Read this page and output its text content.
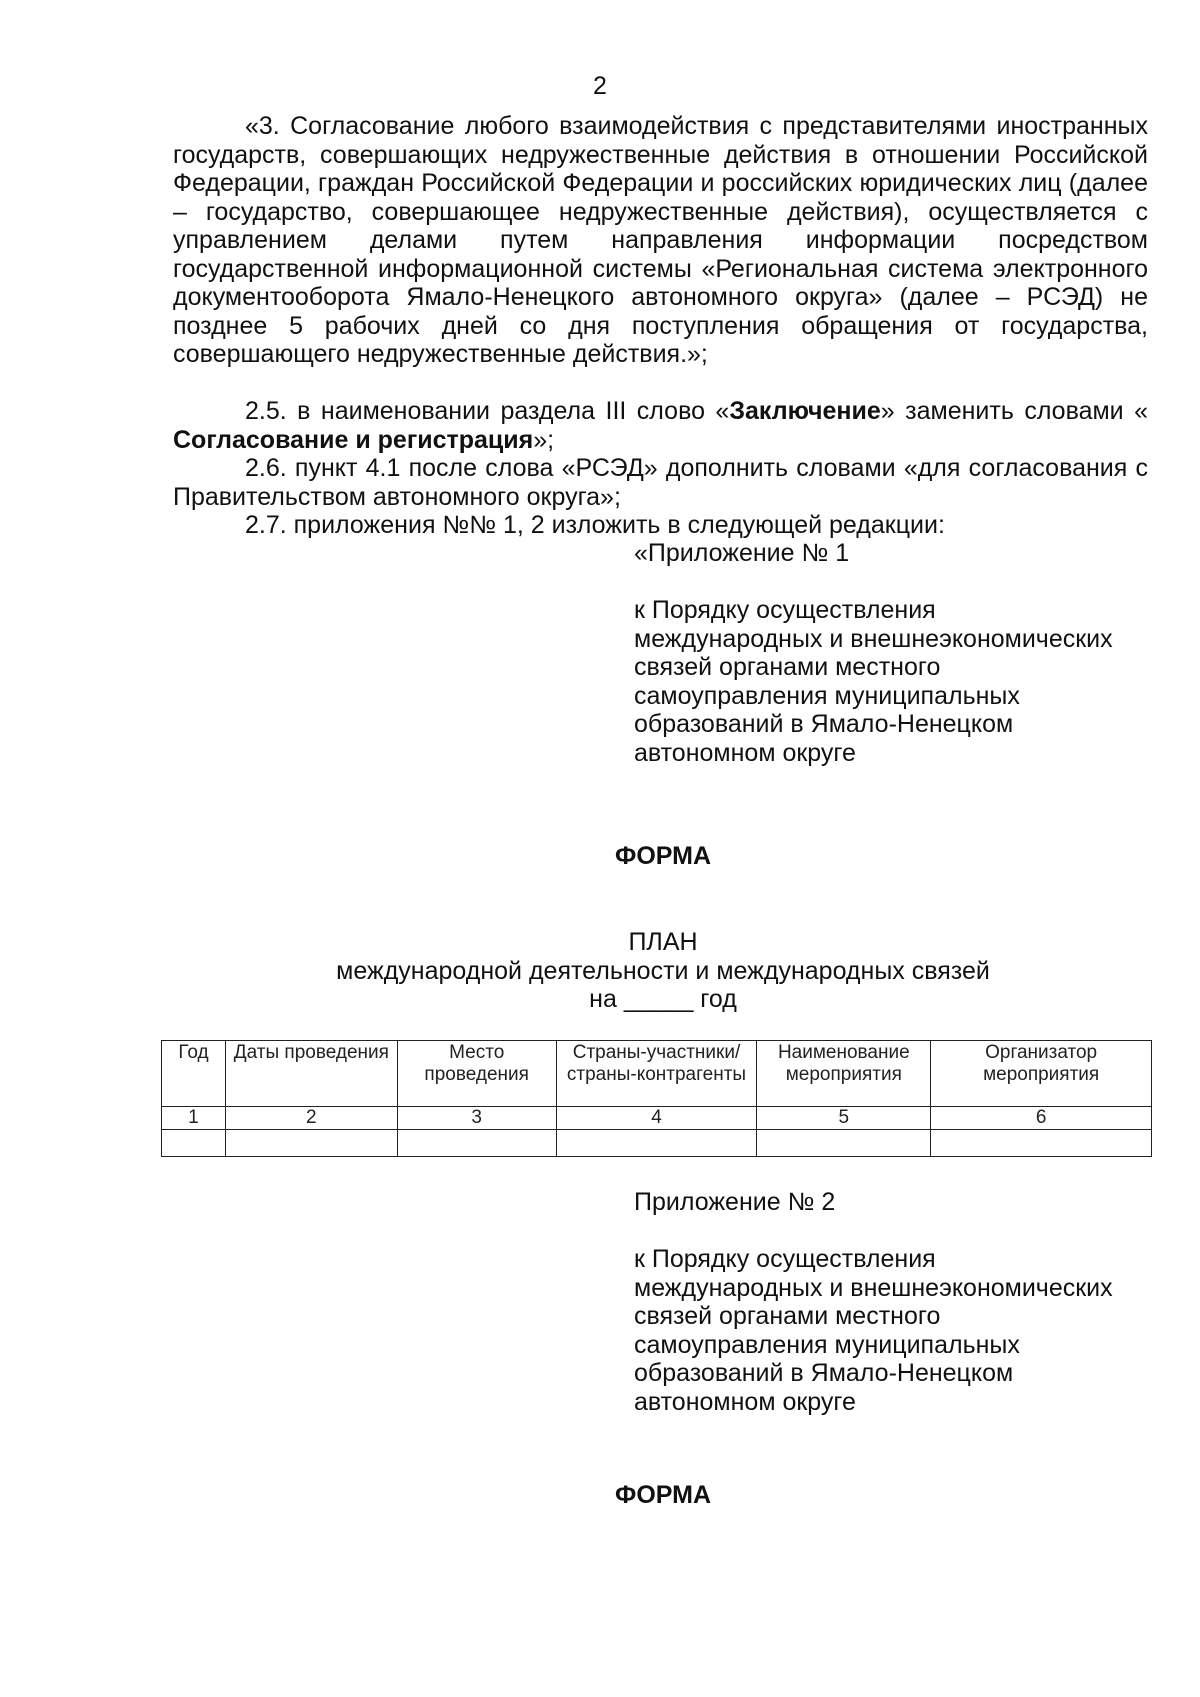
2

«3. Согласование любого взаимодействия с представителями иностранных государств, совершающих недружественные действия в отношении Российской Федерации, граждан Российской Федерации и российских юридических лиц (далее – государство, совершающее недружественные действия), осуществляется с управлением делами путем направления информации посредством государственной информационной системы «Региональная система электронного документооборота Ямало-Ненецкого автономного округа» (далее – РСЭД) не позднее 5 рабочих дней со дня поступления обращения от государства, совершающего недружественные действия.»;

2.5. в наименовании раздела III слово «Заключение» заменить словами «

Согласование и регистрация»;

2.6. пункт 4.1 после слова «РСЭД» дополнить словами «для согласования с Правительством автономного округа»;

2.7. приложения №№ 1, 2 изложить в следующей редакции:

«Приложение № 1
к Порядку осуществления
международных и внешнеэкономических
связей органами местного
самоуправления муниципальных
образований в Ямало-Ненецком
автономном округе
ФОРМА
ПЛАН
международной деятельности и международных связей
на _____ год
Год	Даты проведения	Место проведения	Страны-участники/ страны-контрагенты	Наименование мероприятия	Организатор мероприятия
1	2	3	4	5	6

Приложение № 2
к Порядку осуществления
международных и внешнеэкономических
связей органами местного
самоуправления муниципальных
образований в Ямало-Ненецком
автономном округе
ФОРМА
